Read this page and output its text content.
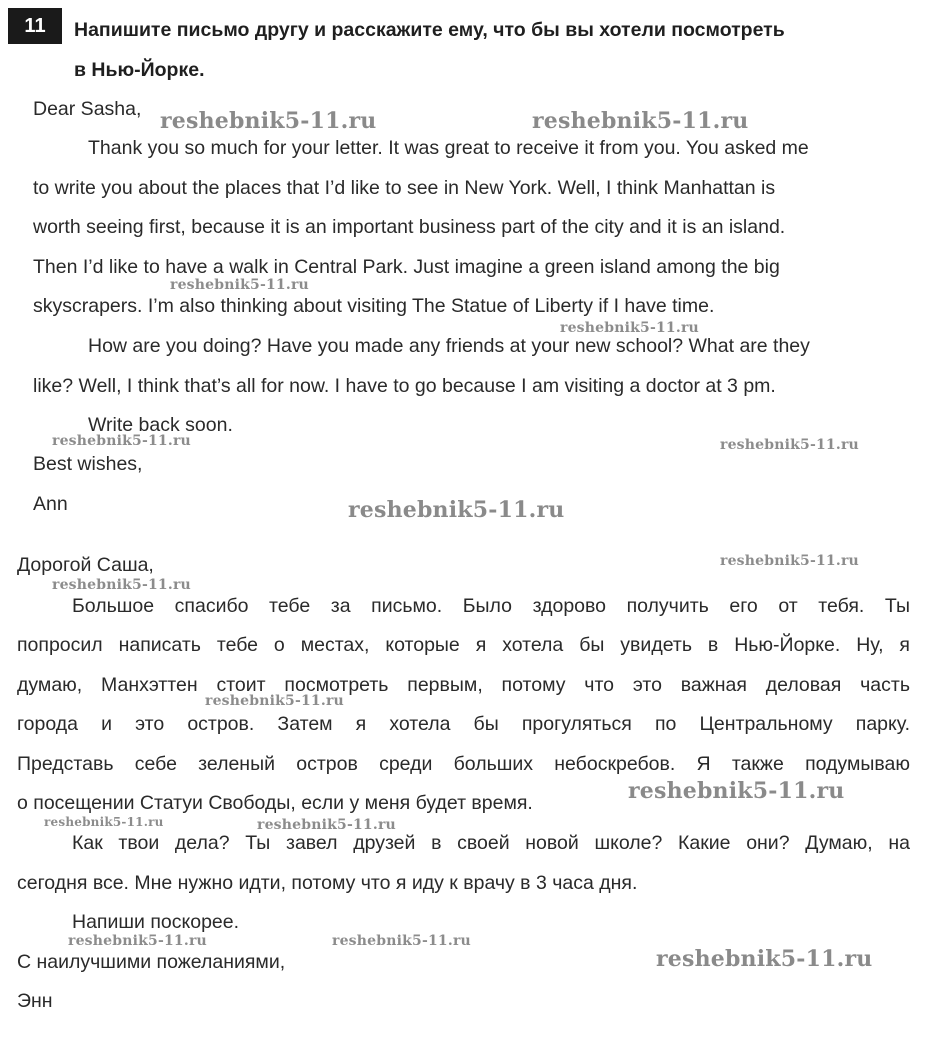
11	Напишите письмо другу и расскажите ему, что бы вы хотели посмотреть
в Нью-Йорке.
Dear Sasha,
Thank you so much for your letter. It was great to receive it from you. You asked me
to write you about the places that I’d like to see in New York. Well, I think Manhattan is
worth seeing first, because it is an important business part of the city and it is an island.
Then I’d like to have a walk in Central Park. Just imagine a green island among the big
skyscrapers. I’m also thinking about visiting The Statue of Liberty if I have time.
How are you doing? Have you made any friends at your new school? What are they
like? Well, I think that’s all for now. I have to go because I am visiting a doctor at 3 pm.
Write back soon.
Best wishes,
Ann
Дорогой Саша,
Большое спасибо тебе за письмо. Было здорово получить его от тебя. Ты
попросил написать тебе о местах, которые я хотела бы увидеть в Нью-Йорке. Ну, я
думаю, Манхэттен стоит посмотреть первым, потому что это важная деловая часть
города и это остров. Затем я хотела бы прогуляться по Центральному парку.
Представь себе зеленый остров среди больших небоскребов. Я также подумываю
о посещении Статуи Свободы, если у меня будет время.
Как твои дела? Ты завел друзей в своей новой школе? Какие они? Думаю, на
сегодня все. Мне нужно идти, потому что я иду к врачу в 3 часа дня.
Напиши поскорее.
С наилучшими пожеланиями,
Энн
reshebnik5-11.ru	reshebnik5-11.ru
reshebnik5-11.ru
reshebnik5-11.ru
reshebnik5-11.ru	reshebnik5-11.ru
reshebnik5-11.ru
reshebnik5-11.ru
reshebnik5-11.ru
reshebnik5-11.ru
reshebnik5-11.ru
reshebnik5-11.ru	reshebnik5-11.ru
reshebnik5-11.ru	reshebnik5-11.ru
reshebnik5-11.ru
